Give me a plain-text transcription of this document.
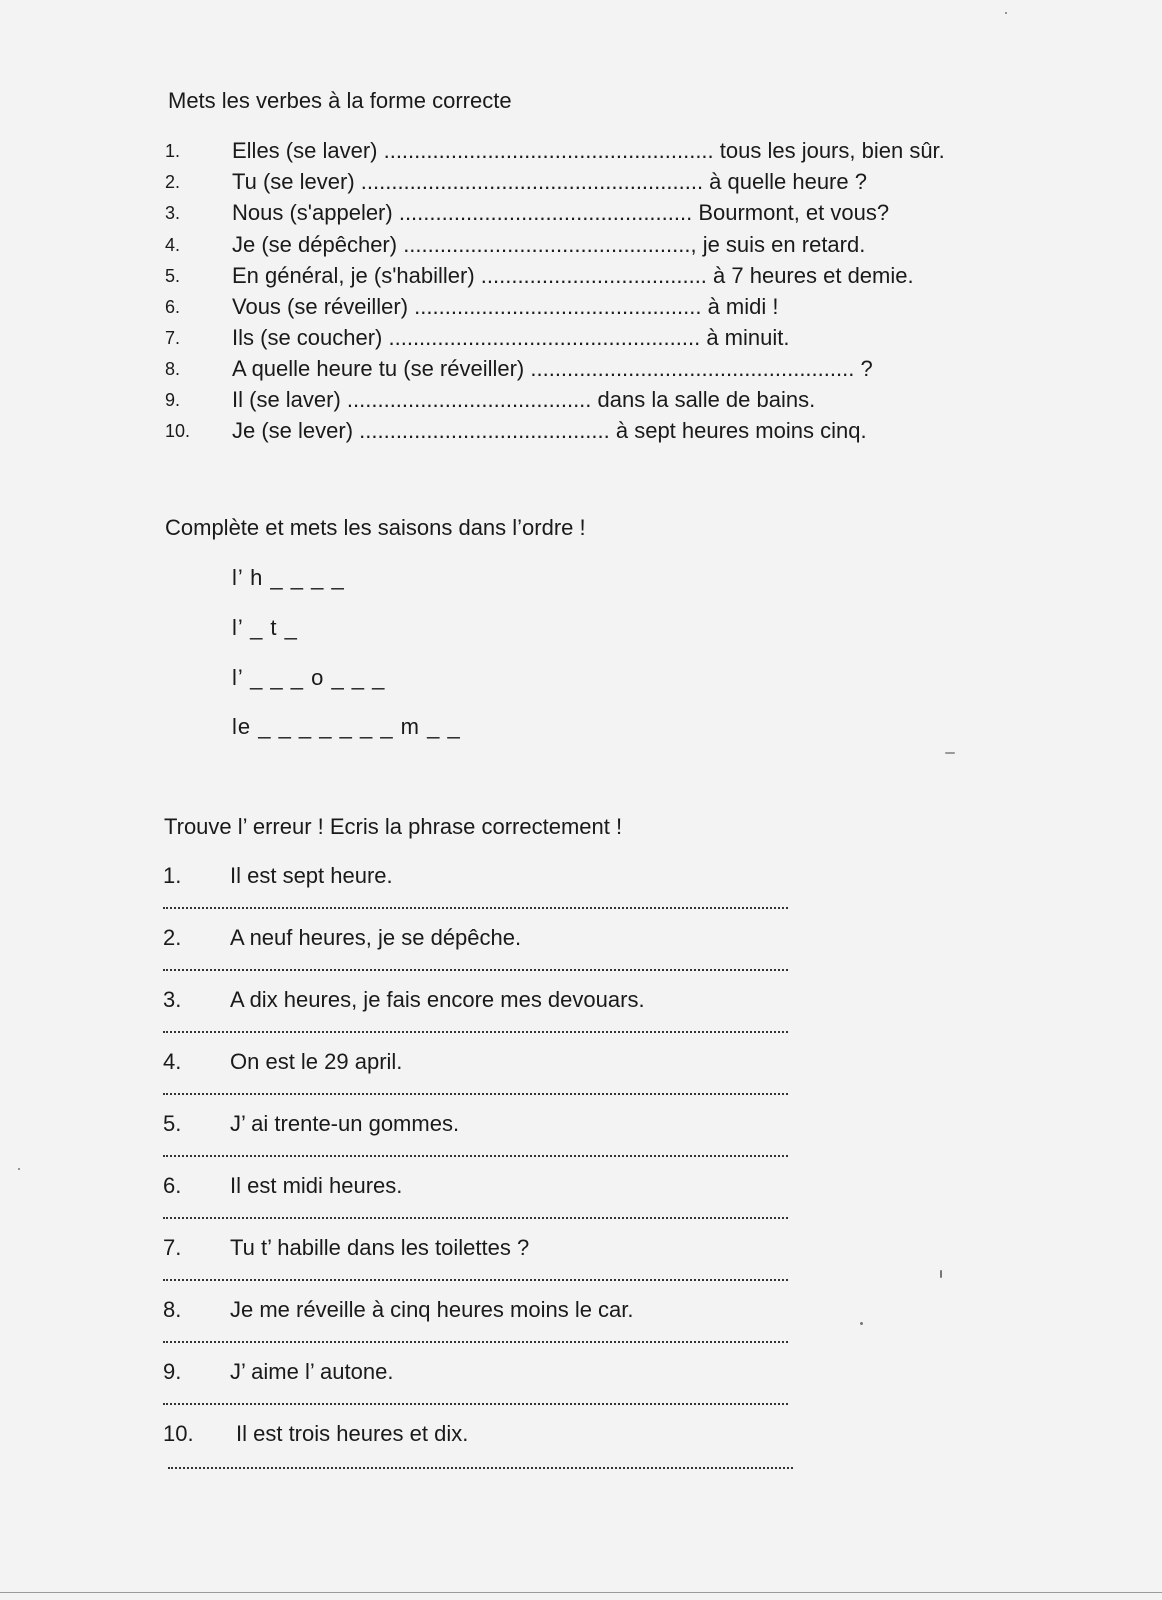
Mets les verbes à la forme correcte
1. Elles (se laver) ...................................................... tous les jours, bien sûr.
2. Tu (se lever) ........................................................ à quelle heure ?
3. Nous (s'appeler) ................................................ Bourmont, et vous?
4. Je (se dépêcher) ..............................................., je suis en retard.
5. En général, je (s'habiller) ..................................... à 7 heures et demie.
6. Vous (se réveiller) ............................................... à midi !
7. Ils (se coucher) ................................................... à minuit.
8. A quelle heure tu (se réveiller) ..................................................... ?
9. Il (se laver) ........................................ dans la salle de bains.
10. Je (se lever) ......................................... à sept heures moins cinq.
Complète et mets les saisons dans l’ordre !
l’ h _ _ _ _
l’ _ t _
l’ _ _ _ o _ _ _
le _ _ _ _ _ _ _ m _ _
Trouve l’ erreur ! Ecris la phrase correctement !
1. Il est sept heure.
2. A neuf heures, je se dépêche.
3. A dix heures, je fais encore mes devouars.
4. On est le 29 april.
5. J’ ai trente-un gommes.
6. Il est midi heures.
7. Tu t’ habille dans les toilettes ?
8. Je me réveille à cinq heures moins le car.
9. J’ aime l’ autone.
10. Il est trois heures et dix.
